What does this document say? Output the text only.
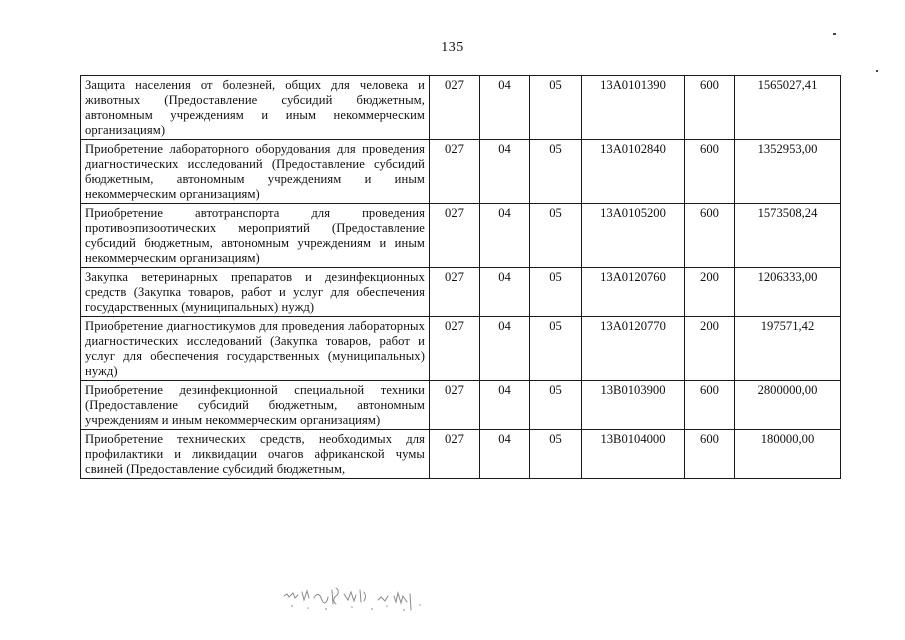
135
Защита населения от болезней, общих для человека и животных (Предоставление субсидий бюджетным, автономным учреждениям и иным некоммерческим организациям)	027	04	05	13А0101390	600	1565027,41
Приобретение лабораторного оборудования для проведения диагностических исследований (Предоставление субсидий бюджетным, автономным учреждениям и иным некоммерческим организациям)	027	04	05	13А0102840	600	1352953,00
Приобретение автотранспорта для проведения противоэпизоотических мероприятий (Предоставление субсидий бюджетным, автономным учреждениям и иным некоммерческим организациям)	027	04	05	13А0105200	600	1573508,24
Закупка ветеринарных препаратов и дезинфекционных средств (Закупка товаров, работ и услуг для обеспечения государственных (муниципальных) нужд)	027	04	05	13А0120760	200	1206333,00
Приобретение диагностикумов для проведения лабораторных диагностических исследований (Закупка товаров, работ и услуг для обеспечения государственных (муниципальных) нужд)	027	04	05	13А0120770	200	197571,42
Приобретение дезинфекционной специальной техники (Предоставление субсидий бюджетным, автономным учреждениям и иным некоммерческим организациям)	027	04	05	13В0103900	600	2800000,00
Приобретение технических средств, необходимых для профилактики и ликвидации очагов африканской чумы свиней (Предоставление субсидий бюджетным,	027	04	05	13В0104000	600	180000,00
